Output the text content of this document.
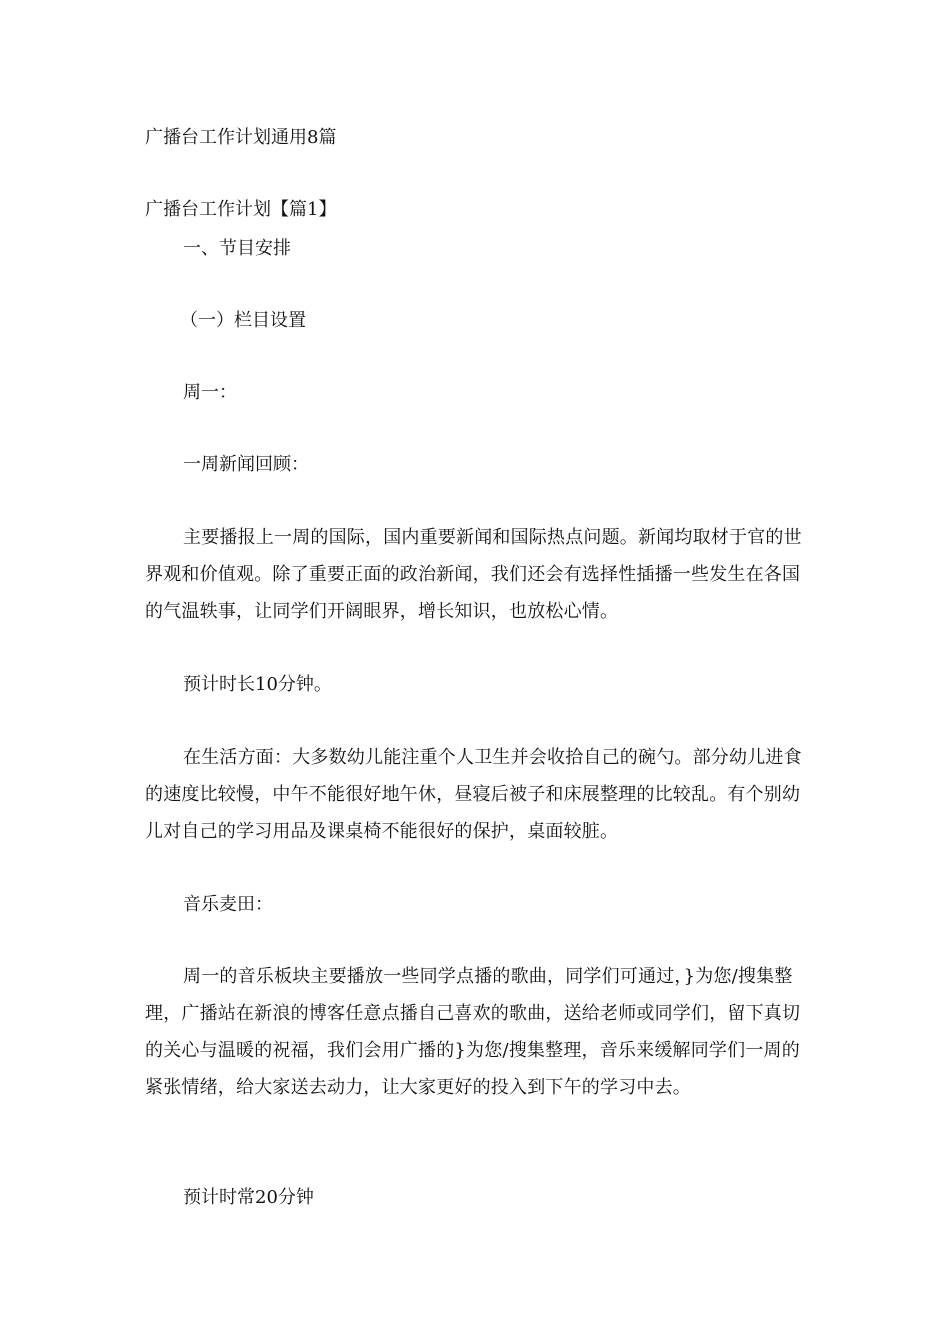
广播台工作计划通用8篇
广播台工作计划【篇1】
一、节目安排
（一）栏目设置
周一：
一周新闻回顾：
主要播报上一周的国际，国内重要新闻和国际热点问题。新闻均取材于官的世界观和价值观。除了重要正面的政治新闻，我们还会有选择性插播一些发生在各国的气温轶事，让同学们开阔眼界，增长知识，也放松心情。
预计时长10分钟。
在生活方面：大多数幼儿能注重个人卫生并会收拾自己的碗勺。部分幼儿进食的速度比较慢，中午不能很好地午休，昼寝后被子和床展整理的比较乱。有个别幼儿对自己的学习用品及课桌椅不能很好的保护，桌面较脏。
音乐麦田：
周一的音乐板块主要播放一些同学点播的歌曲，同学们可通过，}为您/搜集整理，广播站在新浪的博客任意点播自己喜欢的歌曲，送给老师或同学们，留下真切的关心与温暖的祝福，我们会用广播的}为您/搜集整理，音乐来缓解同学们一周的紧张情绪，给大家送去动力，让大家更好的投入到下午的学习中去。
预计时常20分钟
